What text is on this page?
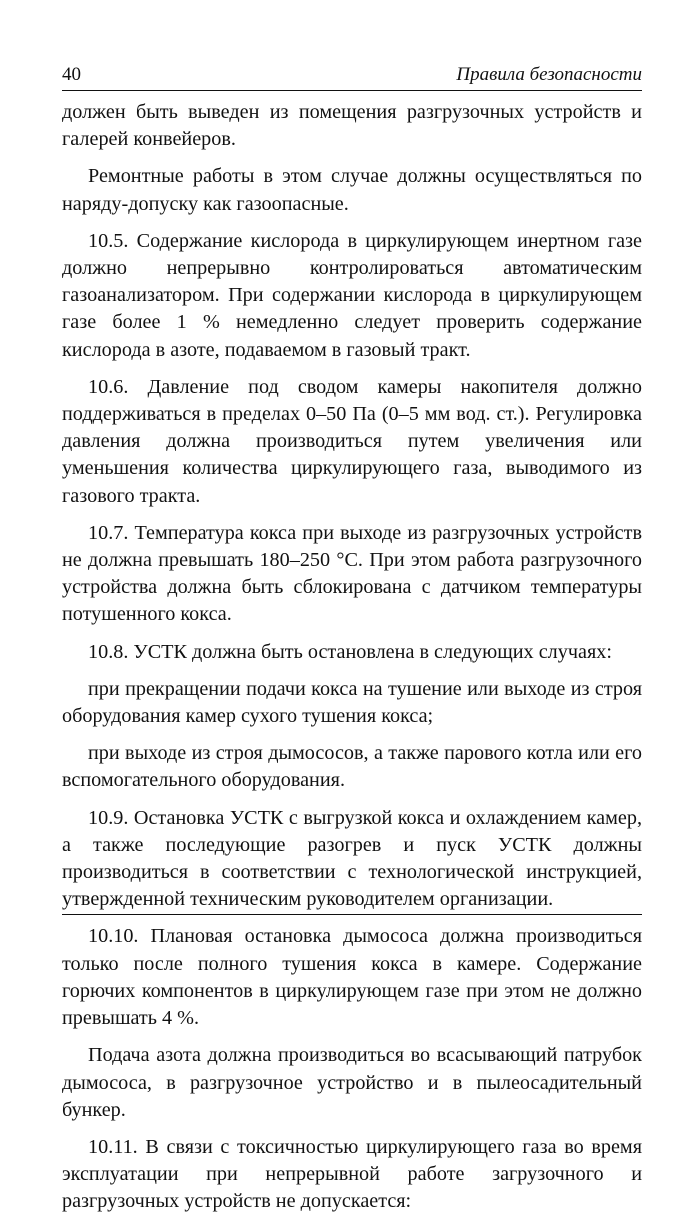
40	Правила безопасности

должен быть выведен из помещения разгрузочных устройств и галерей конвейеров.

Ремонтные работы в этом случае должны осуществляться по наряду-допуску как газоопасные.

10.5. Содержание кислорода в циркулирующем инертном газе должно непрерывно контролироваться автоматическим газоанализатором. При содержании кислорода в циркулирующем газе более 1 % немедленно следует проверить содержание кислорода в азоте, подаваемом в газовый тракт.

10.6. Давление под сводом камеры накопителя должно поддерживаться в пределах 0–50 Па (0–5 мм вод. ст.). Регулировка давления должна производиться путем увеличения или уменьшения количества циркулирующего газа, выводимого из газового тракта.

10.7. Температура кокса при выходе из разгрузочных устройств не должна превышать 180–250 °С. При этом работа разгрузочного устройства должна быть сблокирована с датчиком температуры потушенного кокса.

10.8. УСТК должна быть остановлена в следующих случаях:

при прекращении подачи кокса на тушение или выходе из строя оборудования камер сухого тушения кокса;

при выходе из строя дымососов, а также парового котла или его вспомогательного оборудования.

10.9. Остановка УСТК с выгрузкой кокса и охлаждением камер, а также последующие разогрев и пуск УСТК должны производиться в соответствии с технологической инструкцией, утвержденной техническим руководителем организации.

10.10. Плановая остановка дымососа должна производиться только после полного тушения кокса в камере. Содержание горючих компонентов в циркулирующем газе при этом не должно превышать 4 %.

Подача азота должна производиться во всасывающий патрубок дымососа, в разгрузочное устройство и в пылеосадительный бункер.

10.11. В связи с токсичностью циркулирующего газа во время эксплуатации при непрерывной работе загрузочного и разгрузочных устройств не допускается:
